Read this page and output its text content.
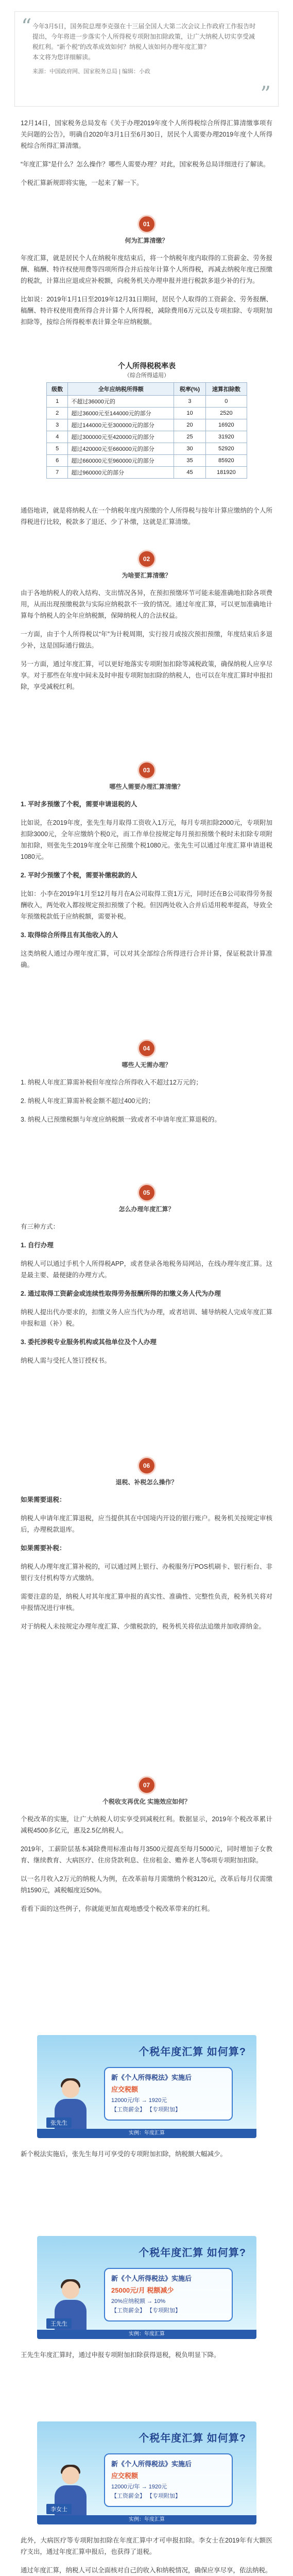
“ 今年3月5日，国务院总理李克强在十三届全国人大第二次会议上作政府工作报告时提出，今年将进一步落实个人所得税专项附加扣除政策，让广大纳税人切实享受减税红利。“新个税”的改革成效如何？纳税人该如何办理年度汇算？

本文将为您详细解读。

来源：中国政府网、国家税务总局 | 编辑：小政

”

12月14日，国家税务总局发布《关于办理2019年度个人所得税综合所得汇算清缴事项有关问题的公告》，明确自2020年3月1日至6月30日，居民个人需要办理2019年度个人所得税综合所得汇算清缴。

“年度汇算”是什么？怎么操作？哪些人需要办理？对此，国家税务总局详细进行了解读。

个税汇算新规即将实施，一起来了解一下。

01
何为汇算清缴？

年度汇算，就是居民个人在纳税年度结束后，将一个纳税年度内取得的工资薪金、劳务报酬、稿酬、特许权使用费等四项所得合并后按年计算个人所得税，再减去纳税年度已预缴的税款，计算出应退或应补税额，向税务机关办理申报并进行税款多退少补的行为。

比如说：2019年1月1日至2019年12月31日期间，居民个人取得的工资薪金、劳务报酬、稿酬、特许权使用费所得合并计算个人所得税，减除费用6万元以及专项扣除、专项附加扣除等，按综合所得税率表计算全年应纳税额。

个人所得税税率表
（综合所得适用）
级数	全年应纳税所得额	税率(%)	速算扣除数
1	不超过36000元的	3	0
2	超过36000元至144000元的部分	10	2520
3	超过144000元至300000元的部分	20	16920
4	超过300000元至420000元的部分	25	31920
5	超过420000元至660000元的部分	30	52920
6	超过660000元至960000元的部分	35	85920
7	超过960000元的部分	45	181920

通俗地讲，就是将纳税人在一个纳税年度内预缴的个人所得税与按年计算应缴纳的个人所得税进行比较，税款多了退还、少了补缴，这就是汇算清缴。

02
为啥要汇算清缴？

由于各地纳税人的收入结构、支出情况各异，在预扣预缴环节可能未能准确地扣除各项费用，从而出现预缴税款与实际应纳税款不一致的情况。通过年度汇算，可以更加准确地计算每个纳税人的全年应纳税额，保障纳税人的合法权益。

一方面，由于个人所得税以“年”为计税周期，实行按月或按次预扣预缴，年度结束后多退少补，这是国际通行做法。

另一方面，通过年度汇算，可以更好地落实专项附加扣除等减税政策，确保纳税人应享尽享。对于那些在年度中间未及时申报专项附加扣除的纳税人，也可以在年度汇算时申报扣除，享受减税红利。

03
哪些人需要办理汇算清缴？

1. 平时多预缴了个税，需要申请退税的人

比如说，在2019年度，张先生每月取得工资收入1万元，每月专项扣除2000元，专项附加扣除3000元，全年应缴纳个税0元，而工作单位按规定每月预扣预缴个税时未扣除专项附加扣除，则张先生2019年度全年已预缴个税1080元。张先生可以通过年度汇算申请退税1080元。

2. 平时少预缴了个税，需要补缴税款的人

比如：小李在2019年1月至12月每月在A公司取得工资1万元，同时还在B公司取得劳务报酬收入，两处收入都按规定预扣预缴了个税。但因两处收入合并后适用税率提高，导致全年预缴税款低于应纳税额，需要补税。

3. 取得综合所得且有其他收入的人

这类纳税人通过办理年度汇算，可以对其全部综合所得进行合并计算，保证税款计算准确。

04
哪些人无需办理？

1. 纳税人年度汇算需补税但年度综合所得收入不超过12万元的；

2. 纳税人年度汇算需补税金额不超过400元的；

3. 纳税人已预缴税额与年度应纳税额一致或者不申请年度汇算退税的。

05
怎么办理年度汇算？

有三种方式：

1. 自行办理

纳税人可以通过手机个人所得税APP，或者登录各地税务局网站，在线办理年度汇算。这是最主要、最便捷的办理方式。

2. 通过取得工资薪金或连续性取得劳务报酬所得的扣缴义务人代为办理

纳税人提出代办要求的，扣缴义务人应当代为办理，或者培训、辅导纳税人完成年度汇算申报和退（补）税。

3. 委托涉税专业服务机构或其他单位及个人办理

纳税人需与受托人签订授权书。

06
退税、补税怎么操作？

如果需要退税：

纳税人申请年度汇算退税，应当提供其在中国境内开设的银行账户。税务机关按规定审核后，办理税款退库。

如果需要补税：

纳税人办理年度汇算补税的，可以通过网上银行、办税服务厅POS机刷卡、银行柜台、非银行支付机构等方式缴纳。

需要注意的是，纳税人对其年度汇算申报的真实性、准确性、完整性负责，税务机关将对申报情况进行审核。

对于纳税人未按规定办理年度汇算、少缴税款的，税务机关将依法追缴并加收滞纳金。

07
个税收支再优化 实施效应如何？

个税改革的实施，让广大纳税人切实享受到减税红利。数据显示，2019年个税改革累计减税4500多亿元，惠及2.5亿纳税人。

2019年，工薪阶层基本减除费用标准由每月3500元提高至每月5000元，同时增加子女教育、继续教育、大病医疗、住房贷款利息、住房租金、赡养老人等6项专项附加扣除。

以一名月收入2万元的纳税人为例，在改革前每月需缴纳个税3120元，改革后每月仅需缴纳1590元，减税幅度近50%。

看看下面的这些例子，你就能更加直观地感受个税改革带来的红利。

个税年度汇算 如何算?
新《个人所得税法》实施后
应交税额
12000元/年 → 1920元
【工资薪金】 【专项附加】
张先生
实例：年度汇算

新个税法实施后，张先生每月可享受的专项附加扣除，纳税额大幅减少。

个税年度汇算 如何算?
新《个人所得税法》实施后
25000元/月 税额减少
20%应纳税额 → 10%
【工资薪金】 【专项附加】
王先生
实例：年度汇算

王先生年度汇算时，通过申报专项附加扣除获得退税，税负明显下降。

个税年度汇算 如何算?
新《个人所得税法》实施后
应交税额
12000元/年 → 1920元
【工资薪金】 【专项附加】
李女士
实例：年度汇算

此外，大病医疗等专项附加扣除在年度汇算中才可申报扣除。李女士在2019年有大额医疗支出，通过年度汇算申报后，也获得了退税。

通过年度汇算，纳税人可以全面核对自己的收入和纳税情况，确保应享尽享，依法纳税。
